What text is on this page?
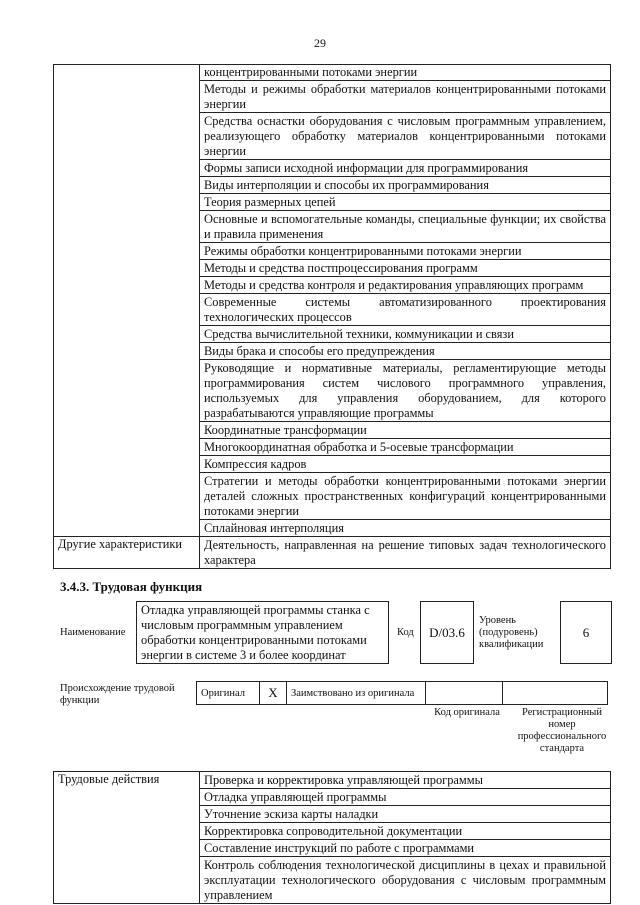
29
	концентрированными потоками энергии
	Методы и режимы обработки материалов концентрированными потоками энергии
	Средства оснастки оборудования с числовым программным управлением, реализующего обработку материалов концентрированными потоками энергии
	Формы записи исходной информации для программирования
	Виды интерполяции и способы их программирования
	Теория размерных цепей
	Основные и вспомогательные команды, специальные функции; их свойства и правила применения
	Режимы обработки концентрированными потоками энергии
	Методы и средства постпроцессирования программ
	Методы и средства контроля и редактирования управляющих программ
	Современные системы автоматизированного проектирования технологических процессов
	Средства вычислительной техники, коммуникации и связи
	Виды брака и способы его предупреждения
	Руководящие и нормативные материалы, регламентирующие методы программирования систем числового программного управления, используемых для управления оборудованием, для которого разрабатываются управляющие программы
	Координатные трансформации
	Многокоординатная обработка и 5-осевые трансформации
	Компрессия кадров
	Стратегии и методы обработки концентрированными потоками энергии деталей сложных пространственных конфигураций концентрированными потоками энергии
	Сплайновая интерполяция
Другие характеристики	Деятельность, направленная на решение типовых задач технологического характера
3.4.3. Трудовая функция
Наименование
Отладка управляющей программы станка с числовым программным управлением обработки концентрированными потоками энергии в системе 3 и более координат
Код D/03.6
Уровень (подуровень) квалификации
6
Происхождение трудовой функции
Оригинал	X	Заимствовано из оригинала		
Код оригинала	Регистрационный номер профессионального стандарта
Трудовые действия	Проверка и корректировка управляющей программы
Отладка управляющей программы
Уточнение эскиза карты наладки
Корректировка сопроводительной документации
Составление инструкций по работе с программами
Контроль соблюдения технологической дисциплины в цехах и правильной эксплуатации технологического оборудования с числовым программным управлением
